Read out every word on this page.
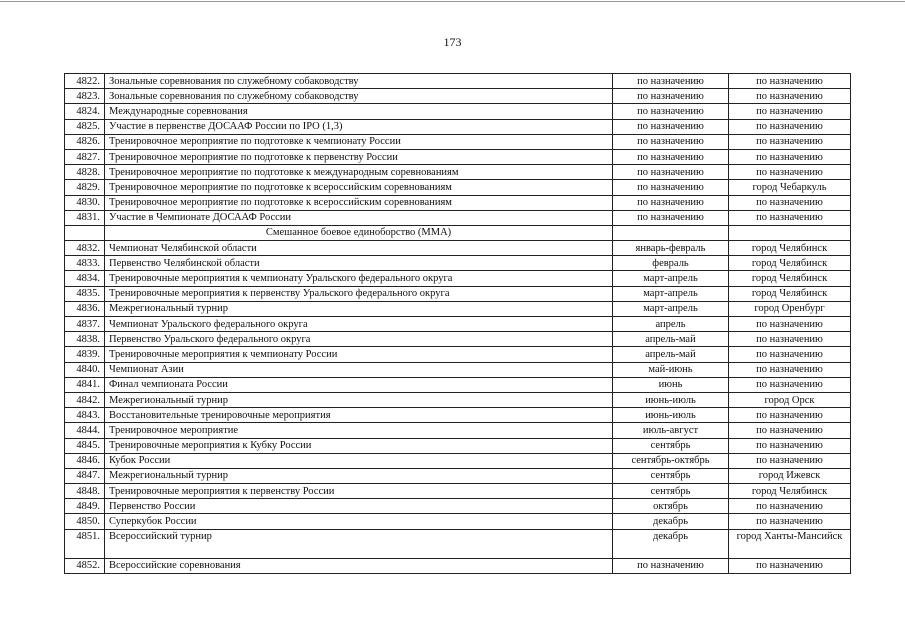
173
4822.	Зональные соревнования по служебному собаководству	по назначению	по назначению
4823.	Зональные соревнования по служебному собаководству	по назначению	по назначению
4824.	Международные соревнования	по назначению	по назначению
4825.	Участие в первенстве ДОСААФ России по IPO (1,3)	по назначению	по назначению
4826.	Тренировочное мероприятие по подготовке к чемпионату России	по назначению	по назначению
4827.	Тренировочное мероприятие по подготовке к первенству России	по назначению	по назначению
4828.	Тренировочное мероприятие по подготовке к международным соревнованиям	по назначению	по назначению
4829.	Тренировочное мероприятие по подготовке к всероссийским соревнованиям	по назначению	город Чебаркуль
4830.	Тренировочное мероприятие по подготовке к всероссийским соревнованиям	по назначению	по назначению
4831.	Участие в Чемпионате ДОСААФ России	по назначению	по назначению
	Смешанное боевое единоборство (ММА)		
4832.	Чемпионат Челябинской области	январь-февраль	город Челябинск
4833.	Первенство Челябинской области	февраль	город Челябинск
4834.	Тренировочные мероприятия к чемпионату Уральского федерального округа	март-апрель	город Челябинск
4835.	Тренировочные мероприятия к первенству Уральского федерального округа	март-апрель	город Челябинск
4836.	Межрегиональный турнир	март-апрель	город Оренбург
4837.	Чемпионат Уральского федерального округа	апрель	по назначению
4838.	Первенство Уральского федерального округа	апрель-май	по назначению
4839.	Тренировочные мероприятия к чемпионату России	апрель-май	по назначению
4840.	Чемпионат Азии	май-июнь	по назначению
4841.	Финал чемпионата России	июнь	по назначению
4842.	Межрегиональный турнир	июнь-июль	город Орск
4843.	Восстановительные тренировочные мероприятия	июнь-июль	по назначению
4844.	Тренировочное мероприятие	июль-август	по назначению
4845.	Тренировочные мероприятия к Кубку России	сентябрь	по назначению
4846.	Кубок России	сентябрь-октябрь	по назначению
4847.	Межрегиональный турнир	сентябрь	город Ижевск
4848.	Тренировочные мероприятия к первенству России	сентябрь	город Челябинск
4849.	Первенство России	октябрь	по назначению
4850.	Суперкубок России	декабрь	по назначению
4851.	Всероссийский турнир	декабрь	город Ханты-Мансийск
4852.	Всероссийские соревнования	по назначению	по назначению
